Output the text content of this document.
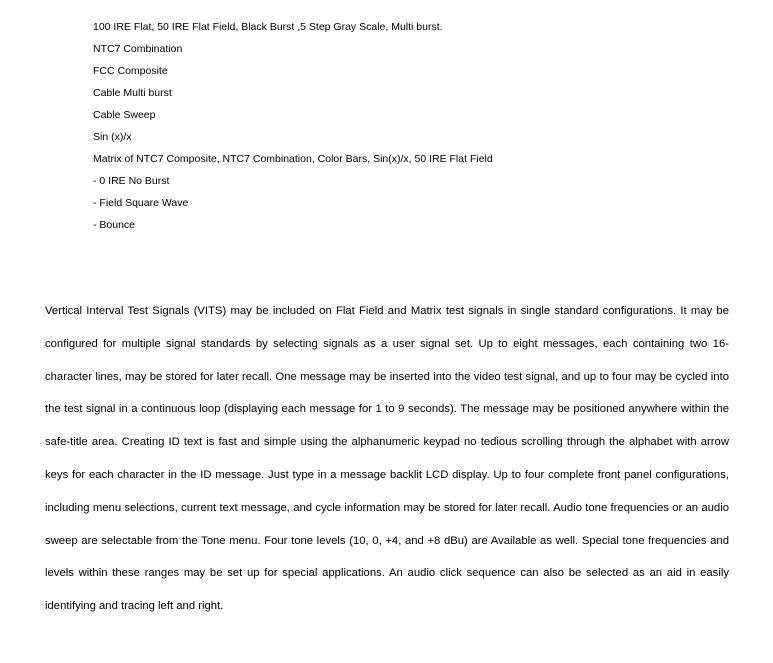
100 IRE Flat, 50 IRE Flat Field, Black Burst ,5 Step Gray Scale, Multi burst.
NTC7 Combination
FCC Composite
Cable Multi burst
Cable Sweep
Sin (x)/x
Matrix of NTC7 Composite, NTC7 Combination, Color Bars, Sin(x)/x, 50 IRE Flat Field
- 0 IRE No Burst
- Field Square Wave
- Bounce

Vertical Interval Test Signals (VITS) may be included on Flat Field and Matrix test signals in single standard configurations. It may be configured for multiple signal standards by selecting signals as a user signal set. Up to eight messages, each containing two 16-character lines, may be stored for later recall. One message may be inserted into the video test signal, and up to four may be cycled into the test signal in a continuous loop (displaying each message for 1 to 9 seconds). The message may be positioned anywhere within the safe-title area. Creating ID text is fast and simple using the alphanumeric keypad no tedious scrolling through the alphabet with arrow keys for each character in the ID message. Just type in a message backlit LCD display. Up to four complete front panel configurations, including menu selections, current text message, and cycle information may be stored for later recall. Audio tone frequencies or an audio sweep are selectable from the Tone menu. Four tone levels (10, 0, +4, and +8 dBu) are Available as well. Special tone frequencies and levels within these ranges may be set up for special applications. An audio click sequence can also be selected as an aid in easily identifying and tracing left and right.
